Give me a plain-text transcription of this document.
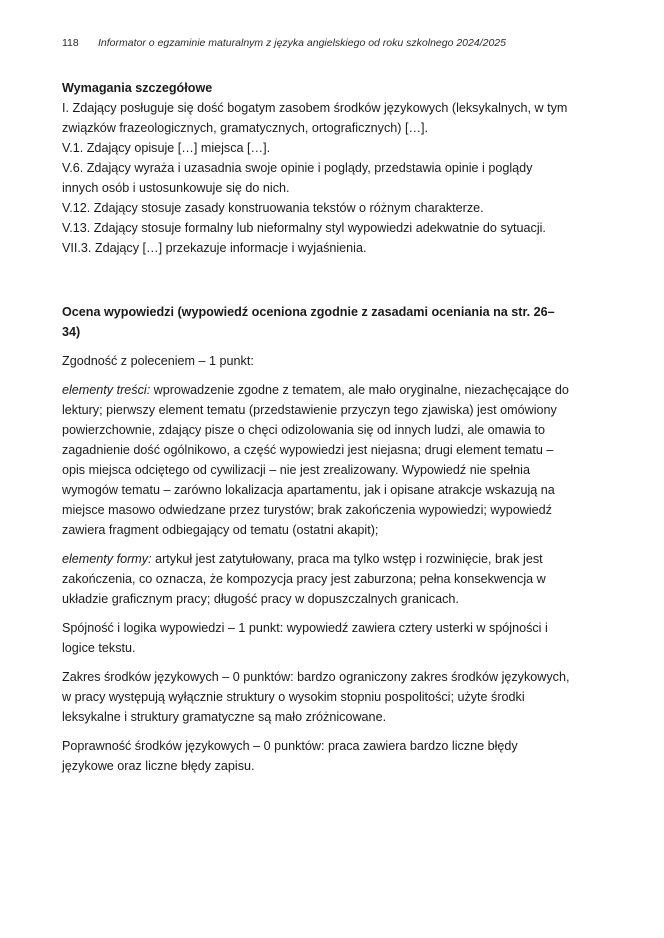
118	Informator o egzaminie maturalnym z języka angielskiego od roku szkolnego 2024/2025
Wymagania szczegółowe
I. Zdający posługuje się dość bogatym zasobem środków językowych (leksykalnych, w tym związków frazeologicznych, gramatycznych, ortograficznych) […].
V.1. Zdający opisuje […] miejsca […].
V.6. Zdający wyraża i uzasadnia swoje opinie i poglądy, przedstawia opinie i poglądy innych osób i ustosunkowuje się do nich.
V.12. Zdający stosuje zasady konstruowania tekstów o różnym charakterze.
V.13. Zdający stosuje formalny lub nieformalny styl wypowiedzi adekwatnie do sytuacji.
VII.3. Zdający […] przekazuje informacje i wyjaśnienia.
Ocena wypowiedzi (wypowiedź oceniona zgodnie z zasadami oceniania na str. 26–34)
Zgodność z poleceniem – 1 punkt:
elementy treści: wprowadzenie zgodne z tematem, ale mało oryginalne, niezachęcające do lektury; pierwszy element tematu (przedstawienie przyczyn tego zjawiska) jest omówiony powierzchownie, zdający pisze o chęci odizolowania się od innych ludzi, ale omawia to zagadnienie dość ogólnikowo, a część wypowiedzi jest niejasna; drugi element tematu – opis miejsca odciętego od cywilizacji – nie jest zrealizowany. Wypowiedź nie spełnia wymogów tematu – zarówno lokalizacja apartamentu, jak i opisane atrakcje wskazują na miejsce masowo odwiedzane przez turystów; brak zakończenia wypowiedzi; wypowiedź zawiera fragment odbiegający od tematu (ostatni akapit);
elementy formy: artykuł jest zatytułowany, praca ma tylko wstęp i rozwinięcie, brak jest zakończenia, co oznacza, że kompozycja pracy jest zaburzona; pełna konsekwencja w układzie graficznym pracy; długość pracy w dopuszczalnych granicach.
Spójność i logika wypowiedzi – 1 punkt: wypowiedź zawiera cztery usterki w spójności i logice tekstu.
Zakres środków językowych – 0 punktów: bardzo ograniczony zakres środków językowych, w pracy występują wyłącznie struktury o wysokim stopniu pospolitości; użyte środki leksykalne i struktury gramatyczne są mało zróżnicowane.
Poprawność środków językowych – 0 punktów: praca zawiera bardzo liczne błędy językowe oraz liczne błędy zapisu.
